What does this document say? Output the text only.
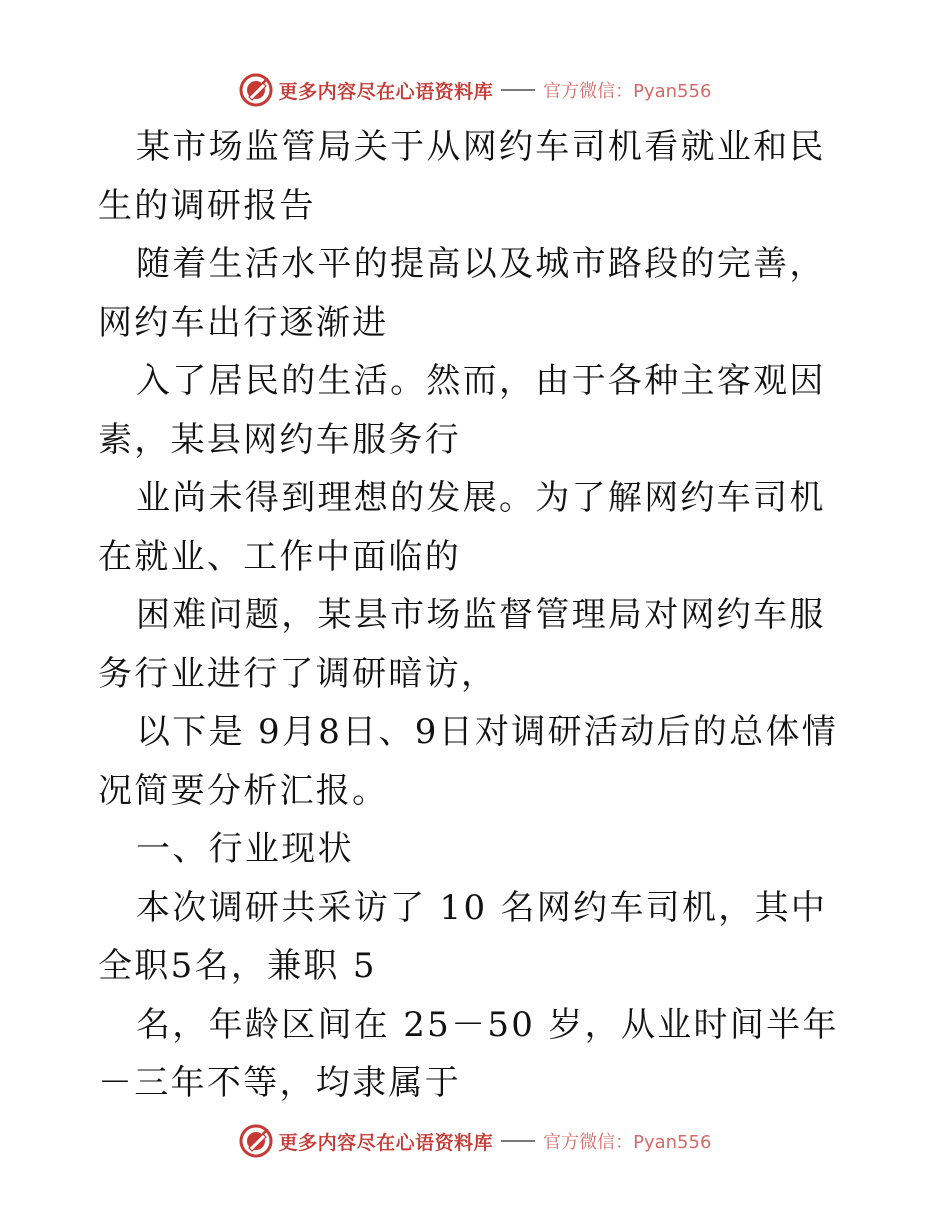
更多内容尽在心语资料库	官方微信：Pyan556

某市场监管局关于从网约车司机看就业和民生的调研报告

随着生活水平的提高以及城市路段的完善，网约车出行逐渐进

入了居民的生活。然而，由于各种主客观因素，某县网约车服务行

业尚未得到理想的发展。为了解网约车司机在就业、工作中面临的

困难问题，某县市场监督管理局对网约车服务行业进行了调研暗访，

以下是 9月8日、9日对调研活动后的总体情况简要分析汇报。

一、行业现状

本次调研共采访了 10 名网约车司机，其中全职5名，兼职 5

名，年龄区间在 25－50 岁，从业时间半年－三年不等，均隶属于

更多内容尽在心语资料库	官方微信：Pyan556
